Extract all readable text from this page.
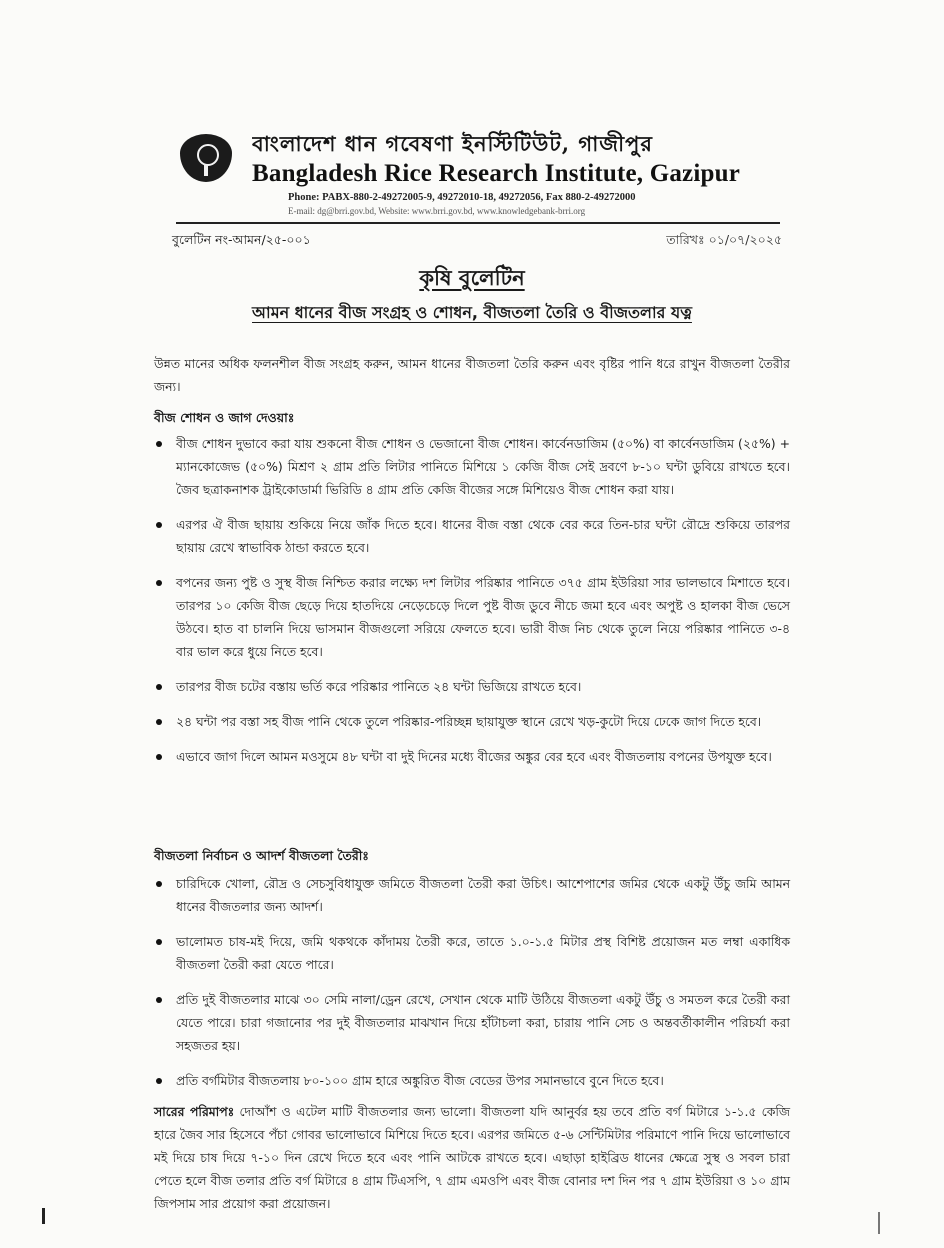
বাংলাদেশ ধান গবেষণা ইনস্টিটিউট, গাজীপুর
Bangladesh Rice Research Institute, Gazipur
Phone: PABX-880-2-49272005-9, 49272010-18, 49272056, Fax 880-2-49272000
E-mail: dg@brri.gov.bd, Website: www.brri.gov.bd, www.knowledgebank-brri.org
বুলেটিন নং-আমন/২৫-০০১	তারিখঃ ০১/০৭/২০২৫
কৃষি বুলেটিন
আমন ধানের বীজ সংগ্রহ ও শোধন, বীজতলা তৈরি ও বীজতলার যত্ন
উন্নত মানের অধিক ফলনশীল বীজ সংগ্রহ করুন, আমন ধানের বীজতলা তৈরি করুন এবং বৃষ্টির পানি ধরে রাখুন বীজতলা তৈরীর জন্য।
বীজ শোধন ও জাগ দেওয়াঃ
বীজ শোধন দুভাবে করা যায় শুকনো বীজ শোধন ও ভেজানো বীজ শোধন। কার্বেনডাজিম (৫০%) বা কার্বেনডাজিম (২৫%) + ম্যানকোজেভ (৫০%) মিশ্রণ ২ গ্রাম প্রতি লিটার পানিতে মিশিয়ে ১ কেজি বীজ সেই দ্রবণে ৮-১০ ঘন্টা ডুবিয়ে রাখতে হবে। জৈব ছত্রাকনাশক ট্রাইকোডার্মা ভিরিডি ৪ গ্রাম প্রতি কেজি বীজের সঙ্গে মিশিয়েও বীজ শোধন করা যায়।
এরপর ঐ বীজ ছায়ায় শুকিয়ে নিয়ে জাঁক দিতে হবে। ধানের বীজ বস্তা থেকে বের করে তিন-চার ঘন্টা রৌদ্রে শুকিয়ে তারপর ছায়ায় রেখে স্বাভাবিক ঠান্ডা করতে হবে।
বপনের জন্য পুষ্ট ও সুস্থ বীজ নিশ্চিত করার লক্ষ্যে দশ লিটার পরিষ্কার পানিতে ৩৭৫ গ্রাম ইউরিয়া সার ভালভাবে মিশাতে হবে। তারপর ১০ কেজি বীজ ছেড়ে দিয়ে হাতদিয়ে নেড়েচেড়ে দিলে পুষ্ট বীজ ডুবে নীচে জমা হবে এবং অপুষ্ট ও হালকা বীজ ভেসে উঠবে। হাত বা চালনি দিয়ে ভাসমান বীজগুলো সরিয়ে ফেলতে হবে। ভারী বীজ নিচ থেকে তুলে নিয়ে পরিষ্কার পানিতে ৩-৪ বার ভাল করে ধুয়ে নিতে হবে।
তারপর বীজ চটের বস্তায় ভর্তি করে পরিষ্কার পানিতে ২৪ ঘন্টা ভিজিয়ে রাখতে হবে।
২৪ ঘন্টা পর বস্তা সহ বীজ পানি থেকে তুলে পরিষ্কার-পরিচ্ছন্ন ছায়াযুক্ত স্থানে রেখে খড়-কুটো দিয়ে ঢেকে জাগ দিতে হবে।
এভাবে জাগ দিলে আমন মওসুমে ৪৮ ঘন্টা বা দুই দিনের মধ্যে বীজের অঙ্কুর বের হবে এবং বীজতলায় বপনের উপযুক্ত হবে।
বীজতলা নির্বাচন ও আদর্শ বীজতলা তৈরীঃ
চারিদিকে খোলা, রৌদ্র ও সেচসুবিধাযুক্ত জমিতে বীজতলা তৈরী করা উচিৎ। আশেপাশের জমির থেকে একটু উঁচু জমি আমন ধানের বীজতলার জন্য আদর্শ।
ভালোমত চাষ-মই দিয়ে, জমি থকথকে কাঁদাময় তৈরী করে, তাতে ১.০-১.৫ মিটার প্রস্থ বিশিষ্ট প্রয়োজন মত লম্বা একাধিক বীজতলা তৈরী করা যেতে পারে।
প্রতি দুই বীজতলার মাঝে ৩০ সেমি নালা/ড্রেন রেখে, সেখান থেকে মাটি উঠিয়ে বীজতলা একটু উঁচু ও সমতল করে তৈরী করা যেতে পারে। চারা গজানোর পর দুই বীজতলার মাঝখান দিয়ে হাঁটাচলা করা, চারায় পানি সেচ ও অন্তবর্তীকালীন পরিচর্যা করা সহজতর হয়।
প্রতি বর্গমিটার বীজতলায় ৮০-১০০ গ্রাম হারে অঙ্কুরিত বীজ বেডের উপর সমানভাবে বুনে দিতে হবে।
সারের পরিমাপঃ দোআঁশ ও এটেল মাটি বীজতলার জন্য ভালো। বীজতলা যদি আনুর্বর হয় তবে প্রতি বর্গ মিটারে ১-১.৫ কেজি হারে জৈব সার হিসেবে পঁচা গোবর ভালোভাবে মিশিয়ে দিতে হবে। এরপর জমিতে ৫-৬ সেন্টিমিটার পরিমাণে পানি দিয়ে ভালোভাবে মই দিয়ে চাষ দিয়ে ৭-১০ দিন রেখে দিতে হবে এবং পানি আটকে রাখতে হবে। এছাড়া হাইব্রিড ধানের ক্ষেত্রে সুস্থ ও সবল চারা পেতে হলে বীজ তলার প্রতি বর্গ মিটারে ৪ গ্রাম টিএসপি, ৭ গ্রাম এমওপি এবং বীজ বোনার দশ দিন পর ৭ গ্রাম ইউরিয়া ও ১০ গ্রাম জিপসাম সার প্রয়োগ করা প্রয়োজন।
